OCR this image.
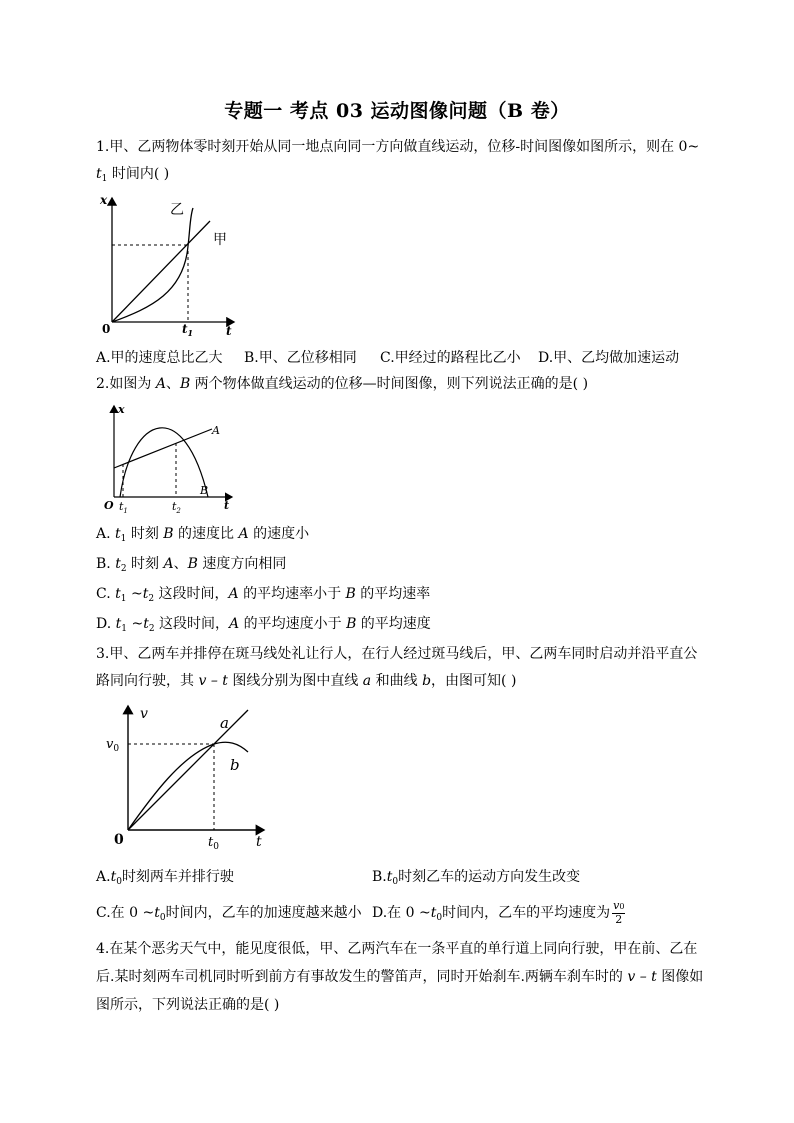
专题一 考点 03 运动图像问题（B 卷）
1.甲、乙两物体零时刻开始从同一地点向同一方向做直线运动，位移-时间图像如图所示，则在 0~
$t_1$ 时间内( )
x
t
0	$t_1$
乙
甲
A.甲的速度总比乙大 B.甲、乙位移相同 C.甲经过的路程比乙小 D.甲、乙均做加速运动
2.如图为 A、B 两个物体做直线运动的位移—时间图像，则下列说法正确的是( )
x
t
O $t_1$	$t_2$
A
B
A. $t_1$ 时刻 B 的速度比 A 的速度小
B. $t_2$ 时刻 A、B 速度方向相同
C. $t_1$ $\sim t_2$ 这段时间，A 的平均速率小于 B 的平均速率
D. $t_1$ $\sim t_2$ 这段时间，A 的平均速度小于 B 的平均速度
3.甲、乙两车并排停在斑马线处礼让行人，在行人经过斑马线后，甲、乙两车同时启动并沿平直公
路同向行驶，其 v – t 图线分别为图中直线 a 和曲线 b，由图可知( )
v
t
0
$v_0$
$t_0$
a
b
A.t0时刻两车并排行驶	B.t0时刻乙车的运动方向发生改变
C.在 0 ~t0时间内，乙车的加速度越来越小 D.在 0 ~t0时间内，乙车的平均速度为 $\frac{v0}{2}$
4.在某个恶劣天气中，能见度很低，甲、乙两汽车在一条平直的单行道上同向行驶，甲在前、乙在
后.某时刻两车司机同时听到前方有事故发生的警笛声，同时开始刹车.两辆车刹车时的 v – t 图像如
图所示，下列说法正确的是( )
